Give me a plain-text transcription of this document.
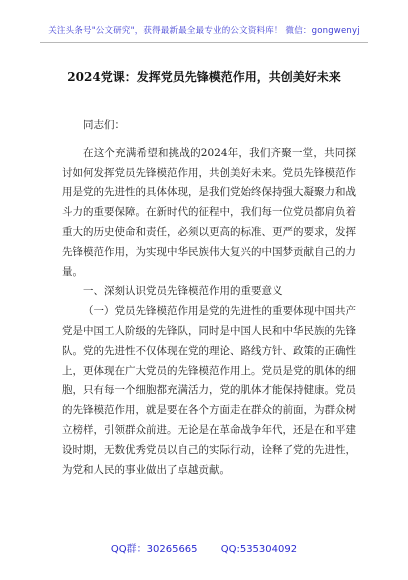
关注头条号"公文研究"，获得最新最全最专业的公文资料库！ 微信：gongwenyj
2024党课：发挥党员先锋模范作用，共创美好未来

同志们：

在这个充满希望和挑战的2024年，我们齐聚一堂，共同探讨如何发挥党员先锋模范作用，共创美好未来。党员先锋模范作用是党的先进性的具体体现，是我们党始终保持强大凝聚力和战斗力的重要保障。在新时代的征程中，我们每一位党员都肩负着重大的历史使命和责任，必须以更高的标准、更严的要求，发挥先锋模范作用，为实现中华民族伟大复兴的中国梦贡献自己的力量。

一、深刻认识党员先锋模范作用的重要意义

（一）党员先锋模范作用是党的先进性的重要体现中国共产党是中国工人阶级的先锋队，同时是中国人民和中华民族的先锋队。党的先进性不仅体现在党的理论、路线方针、政策的正确性上，更体现在广大党员的先锋模范作用上。党员是党的肌体的细胞，只有每一个细胞都充满活力，党的肌体才能保持健康。党员的先锋模范作用，就是要在各个方面走在群众的前面，为群众树立榜样，引领群众前进。无论是在革命战争年代，还是在和平建设时期，无数优秀党员以自己的实际行动，诠释了党的先进性，为党和人民的事业做出了卓越贡献。

QQ群：30265665 QQ:535304092
